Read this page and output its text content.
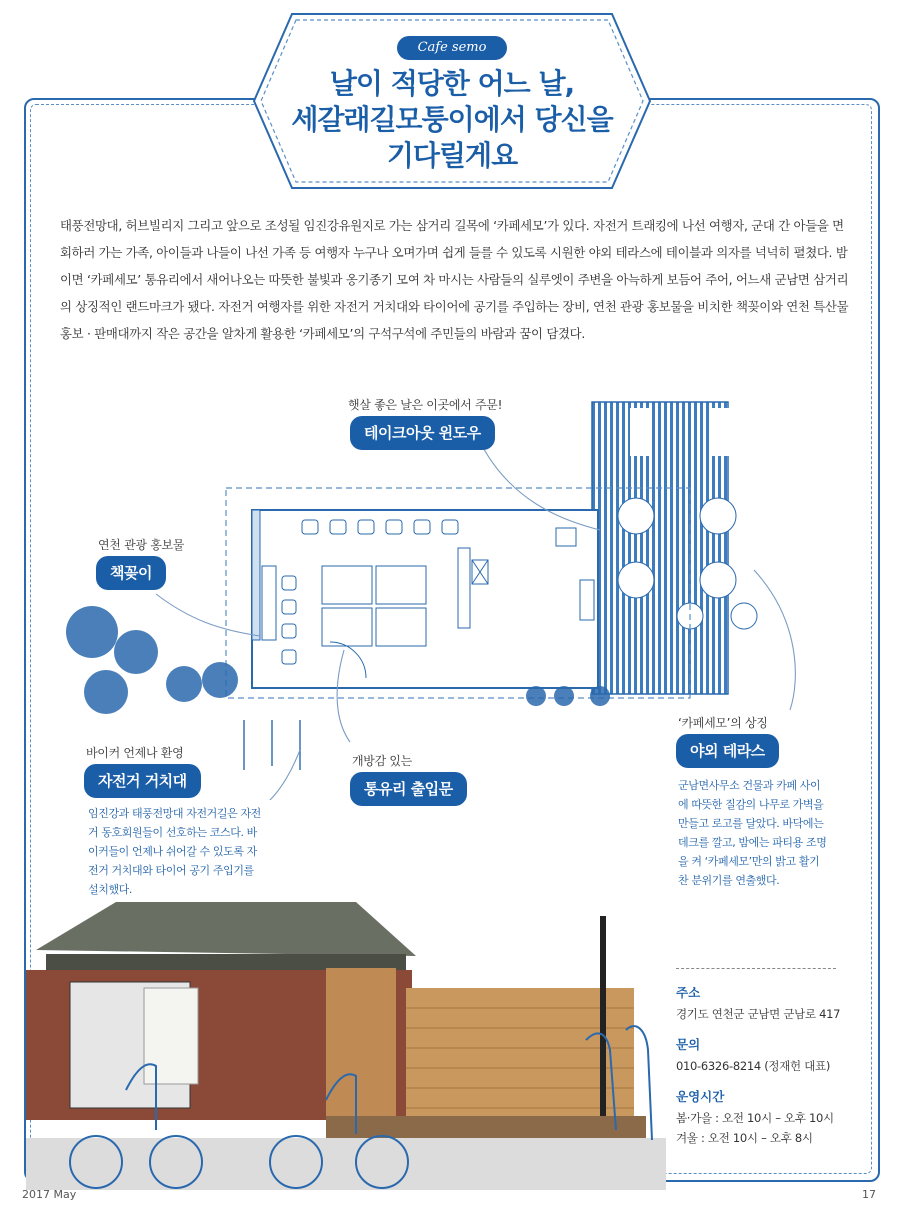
Cafe semo
날이 적당한 어느 날,
세갈래길모퉁이에서 당신을
기다릴게요
태풍전망대, 허브빌리지 그리고 앞으로 조성될 임진강유원지로 가는 삼거리 길목에 ‘카페세모’가 있다. 자전거 트래킹에 나선 여행자, 군대 간 아들을 면회하러 가는 가족, 아이들과 나들이 나선 가족 등 여행자 누구나 오며가며 쉽게 들를 수 있도록 시원한 야외 테라스에 테이블과 의자를 넉넉히 펼쳤다. 밤이면 ‘카페세모’ 통유리에서 새어나오는 따뜻한 불빛과 옹기종기 모여 차 마시는 사람들의 실루엣이 주변을 아늑하게 보듬어 주어, 어느새 군남면 삼거리의 상징적인 랜드마크가 됐다. 자전거 여행자를 위한 자전거 거치대와 타이어에 공기를 주입하는 장비, 연천 관광 홍보물을 비치한 책꽂이와 연천 특산물 홍보 · 판매대까지 작은 공간을 알차게 활용한 ‘카페세모’의 구석구석에 주민들의 바람과 꿈이 담겼다.
햇살 좋은 날은 이곳에서 주문!
테이크아웃 윈도우
연천 관광 홍보물
책꽂이
바이커 언제나 환영
자전거 거치대
개방감 있는
통유리 출입문
‘카페세모’의 상징
야외 테라스
임진강과 태풍전망대 자전거길은 자전거 동호회원들이 선호하는 코스다. 바이커들이 언제나 쉬어갈 수 있도록 자전거 거치대와 타이어 공기 주입기를 설치했다.
군남면사무소 건물과 카페 사이에 따뜻한 질감의 나무로 가벽을 만들고 로고를 달았다. 바닥에는 데크를 깔고, 밤에는 파티용 조명을 켜 ‘카페세모’만의 밝고 활기찬 분위기를 연출했다.
주소
경기도 연천군 군남면 군남로 417
문의
010-6326-8214 (정재헌 대표)
운영시간
봄·가을 : 오전 10시 – 오후 10시
겨울 : 오전 10시 – 오후 8시
2017 May	17
